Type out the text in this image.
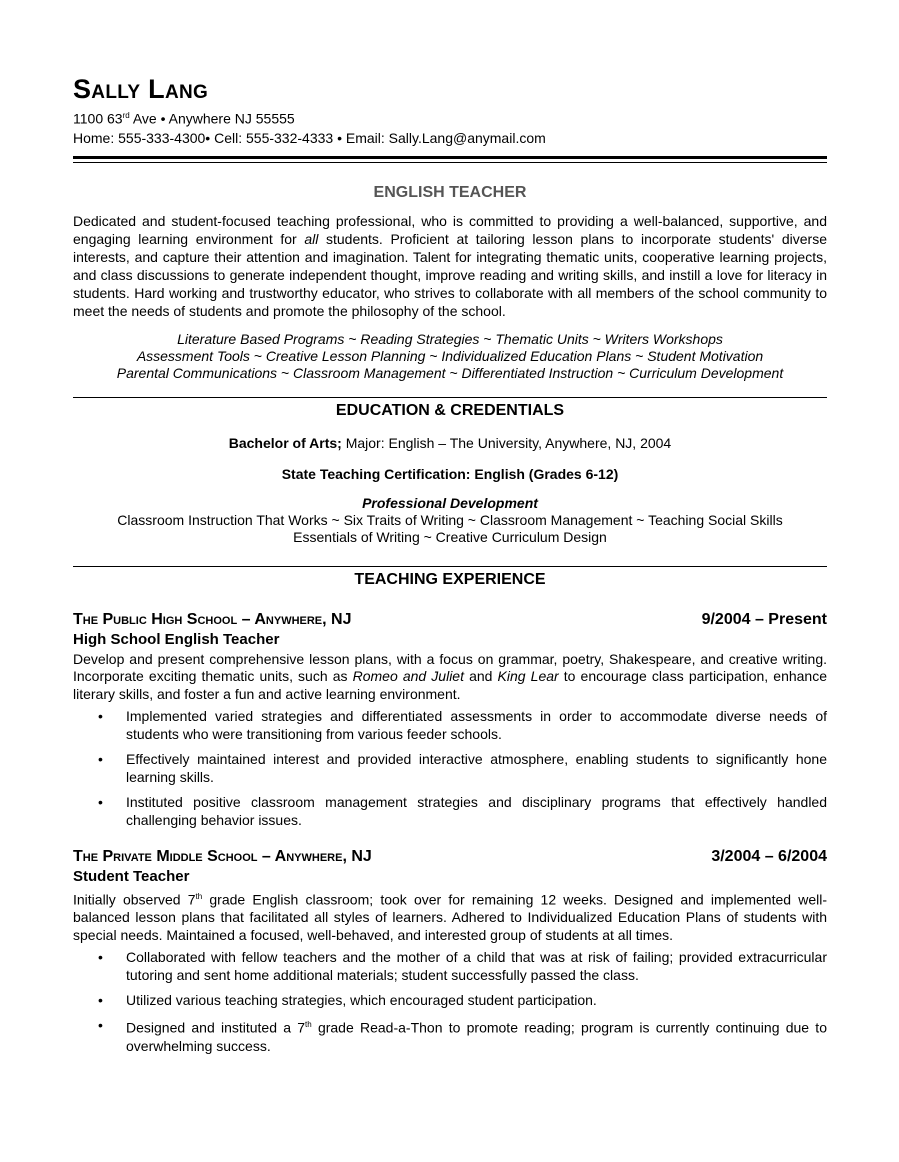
Sally Lang
1100 63rd Ave • Anywhere NJ 55555
Home: 555-333-4300• Cell: 555-332-4333 • Email: Sally.Lang@anymail.com
ENGLISH TEACHER
Dedicated and student-focused teaching professional, who is committed to providing a well-balanced, supportive, and engaging learning environment for all students. Proficient at tailoring lesson plans to incorporate students' diverse interests, and capture their attention and imagination. Talent for integrating thematic units, cooperative learning projects, and class discussions to generate independent thought, improve reading and writing skills, and instill a love for literacy in students. Hard working and trustworthy educator, who strives to collaborate with all members of the school community to meet the needs of students and promote the philosophy of the school.
Literature Based Programs ~ Reading Strategies ~ Thematic Units ~ Writers Workshops
Assessment Tools ~ Creative Lesson Planning ~ Individualized Education Plans ~ Student Motivation
Parental Communications ~ Classroom Management ~ Differentiated Instruction ~ Curriculum Development
EDUCATION & CREDENTIALS
Bachelor of Arts; Major: English – The University, Anywhere, NJ, 2004
State Teaching Certification: English (Grades 6-12)
Professional Development
Classroom Instruction That Works ~ Six Traits of Writing ~ Classroom Management ~ Teaching Social Skills
Essentials of Writing ~ Creative Curriculum Design
TEACHING EXPERIENCE
The Public High School – Anywhere, NJ	9/2004 – Present
High School English Teacher
Develop and present comprehensive lesson plans, with a focus on grammar, poetry, Shakespeare, and creative writing. Incorporate exciting thematic units, such as Romeo and Juliet and King Lear to encourage class participation, enhance literary skills, and foster a fun and active learning environment.
• Implemented varied strategies and differentiated assessments in order to accommodate diverse needs of students who were transitioning from various feeder schools.
• Effectively maintained interest and provided interactive atmosphere, enabling students to significantly hone learning skills.
• Instituted positive classroom management strategies and disciplinary programs that effectively handled challenging behavior issues.
The Private Middle School – Anywhere, NJ	3/2004 – 6/2004
Student Teacher
Initially observed 7th grade English classroom; took over for remaining 12 weeks. Designed and implemented well-balanced lesson plans that facilitated all styles of learners. Adhered to Individualized Education Plans of students with special needs. Maintained a focused, well-behaved, and interested group of students at all times.
• Collaborated with fellow teachers and the mother of a child that was at risk of failing; provided extracurricular tutoring and sent home additional materials; student successfully passed the class.
• Utilized various teaching strategies, which encouraged student participation.
• Designed and instituted a 7th grade Read-a-Thon to promote reading; program is currently continuing due to overwhelming success.
